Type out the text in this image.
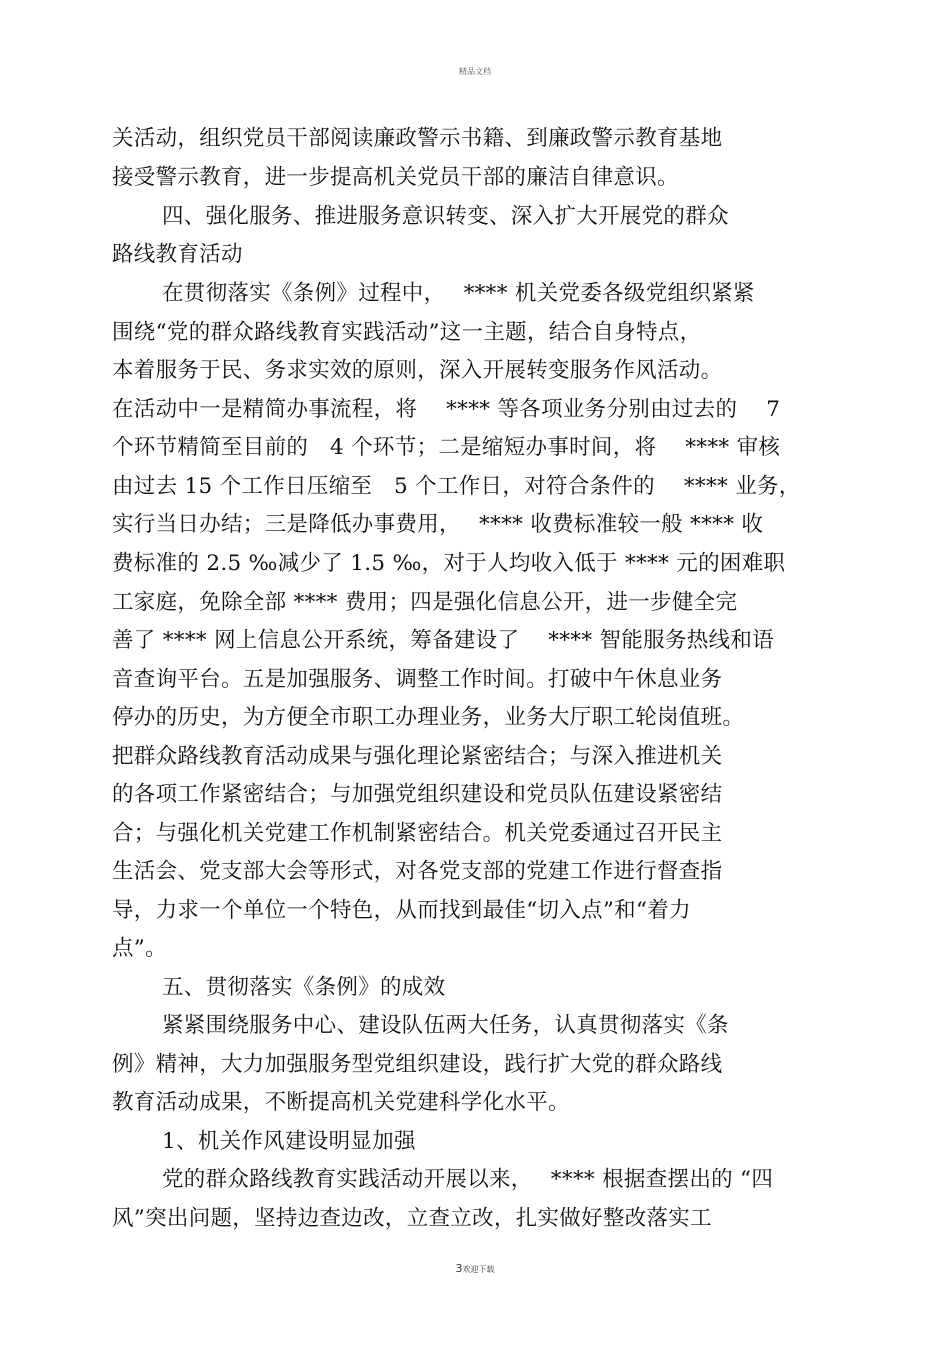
精品文档
关活动，组织党员干部阅读廉政警示书籍、到廉政警示教育基地
接受警示教育，进一步提高机关党员干部的廉洁自律意识。
四、强化服务、推进服务意识转变、深入扩大开展党的群众
路线教育活动
在贯彻落实《条例》过程中，　 **** 机关党委各级党组织紧紧
围绕“党的群众路线教育实践活动”这一主题，结合自身特点，
本着服务于民、务求实效的原则，深入开展转变服务作风活动。
在活动中一是精简办事流程，将　 **** 等各项业务分别由过去的　 7
个环节精简至目前的　4 个环节；二是缩短办事时间，将　 **** 审核
由过去 15 个工作日压缩至　5 个工作日，对符合条件的　 **** 业务，
实行当日办结；三是降低办事费用，　 **** 收费标准较一般 **** 收
费标准的 2.5 ‰减少了 1.5 ‰，对于人均收入低于 **** 元的困难职
工家庭，免除全部 **** 费用；四是强化信息公开，进一步健全完
善了 **** 网上信息公开系统，筹备建设了　 **** 智能服务热线和语
音查询平台。五是加强服务、调整工作时间。打破中午休息业务
停办的历史，为方便全市职工办理业务，业务大厅职工轮岗值班。
把群众路线教育活动成果与强化理论紧密结合；与深入推进机关
的各项工作紧密结合；与加强党组织建设和党员队伍建设紧密结
合；与强化机关党建工作机制紧密结合。机关党委通过召开民主
生活会、党支部大会等形式，对各党支部的党建工作进行督查指
导，力求一个单位一个特色，从而找到最佳“切入点”和“着力
点”。
五、贯彻落实《条例》的成效
紧紧围绕服务中心、建设队伍两大任务，认真贯彻落实《条
例》精神，大力加强服务型党组织建设，践行扩大党的群众路线
教育活动成果，不断提高机关党建科学化水平。
1、机关作风建设明显加强
党的群众路线教育实践活动开展以来，　 **** 根据查摆出的 “四
风”突出问题，坚持边查边改，立查立改，扎实做好整改落实工
3欢迎下载
